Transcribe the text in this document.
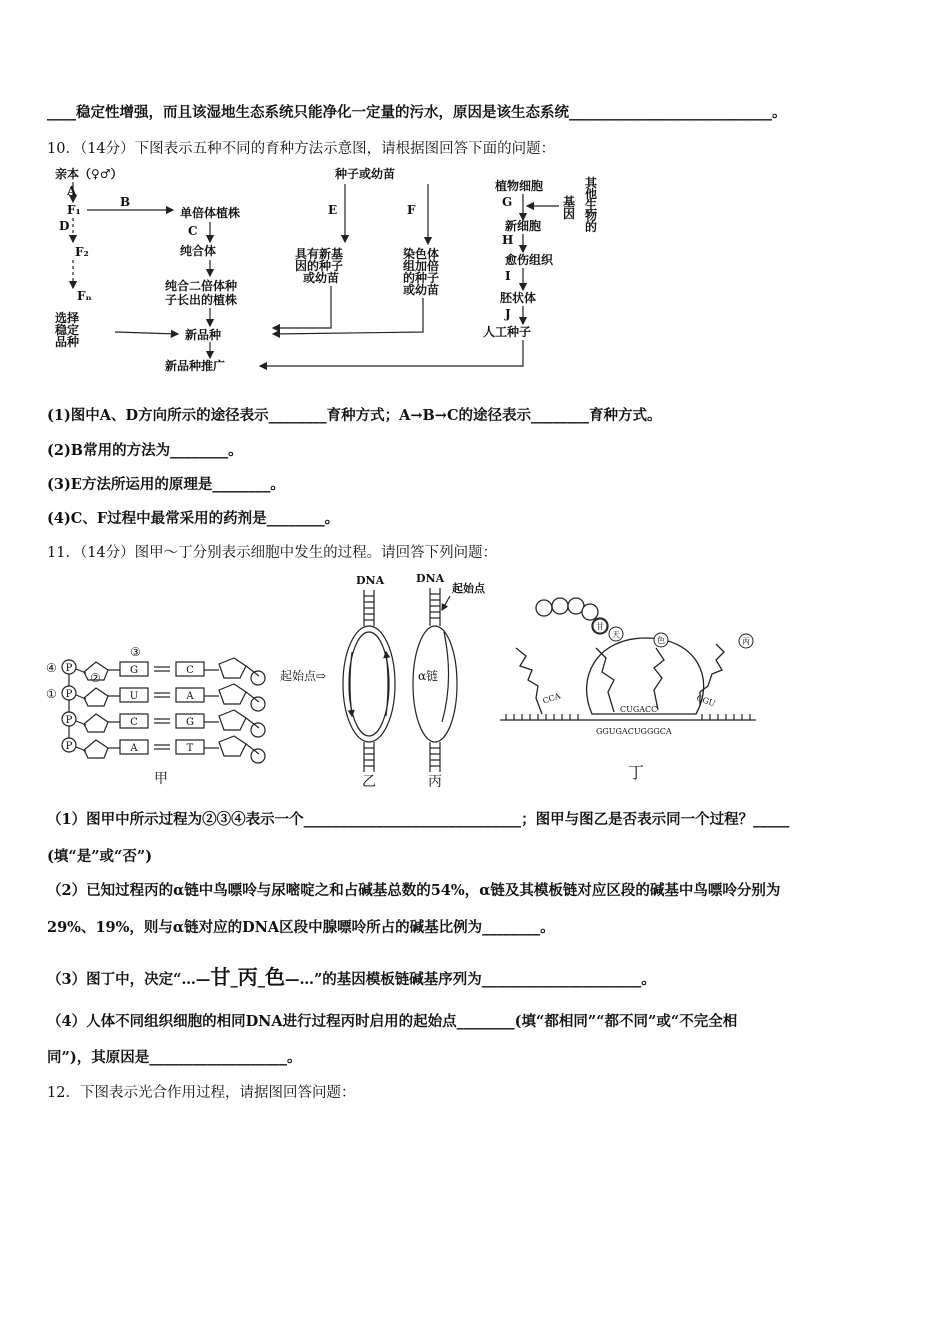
____稳定性增强，而且该湿地生态系统只能净化一定量的污水，原因是该生态系统____________________________。
10．（14分）下图表示五种不同的育种方法示意图，请根据图回答下面的问题：
亲本（♀♂）
A
F₁
D
F₂
Fₙ
选择
稳定
品种
B
单倍体植株
C
纯合体
纯合二倍体种
子长出的植株
新品种
新品种推广
种子或幼苗
E	F
具有新基
因的种子
或幼苗
染色体
组加倍
的种子
或幼苗
植物细胞	其
他
生
物
的
基
因
G
新细胞
H
愈伤组织
I
胚状体
J
人工种子
(1)图中A、D方向所示的途径表示________育种方式；A→B→C的途径表示________育种方式。
(2)B常用的方法为________。
(3)E方法所运用的原理是________。
(4)C、F过程中最常采用的药剂是________。
11．（14分）图甲～丁分别表示细胞中发生的过程。请回答下列问题：
④
①
②
③
P
P
P
P
G	C
U	A
C	G
A	T
甲
DNA	DNA
起始点
起始点⇨	α链
乙	丙
甘
天
色	丙
CCA
CUGACC
CGU
GGUGACUGGGCA
丁
（1）图甲中所示过程为②③④表示一个______________________________；图甲与图乙是否表示同一个过程？_____
(填“是”或“否”)
（2）已知过程丙的α链中鸟嘌呤与尿嘧啶之和占碱基总数的54%，α链及其模板链对应区段的碱基中鸟嘌呤分别为
29%、19%，则与α链对应的DNA区段中腺嘌呤所占的碱基比例为________。
（3）图丁中，决定“…—甘_丙_色—…”的基因模板链碱基序列为______________________。
（4）人体不同组织细胞的相同DNA进行过程丙时启用的起始点________(填“都相同”“都不同”或“不完全相
同”)，其原因是___________________。
12．下图表示光合作用过程，请据图回答问题：
